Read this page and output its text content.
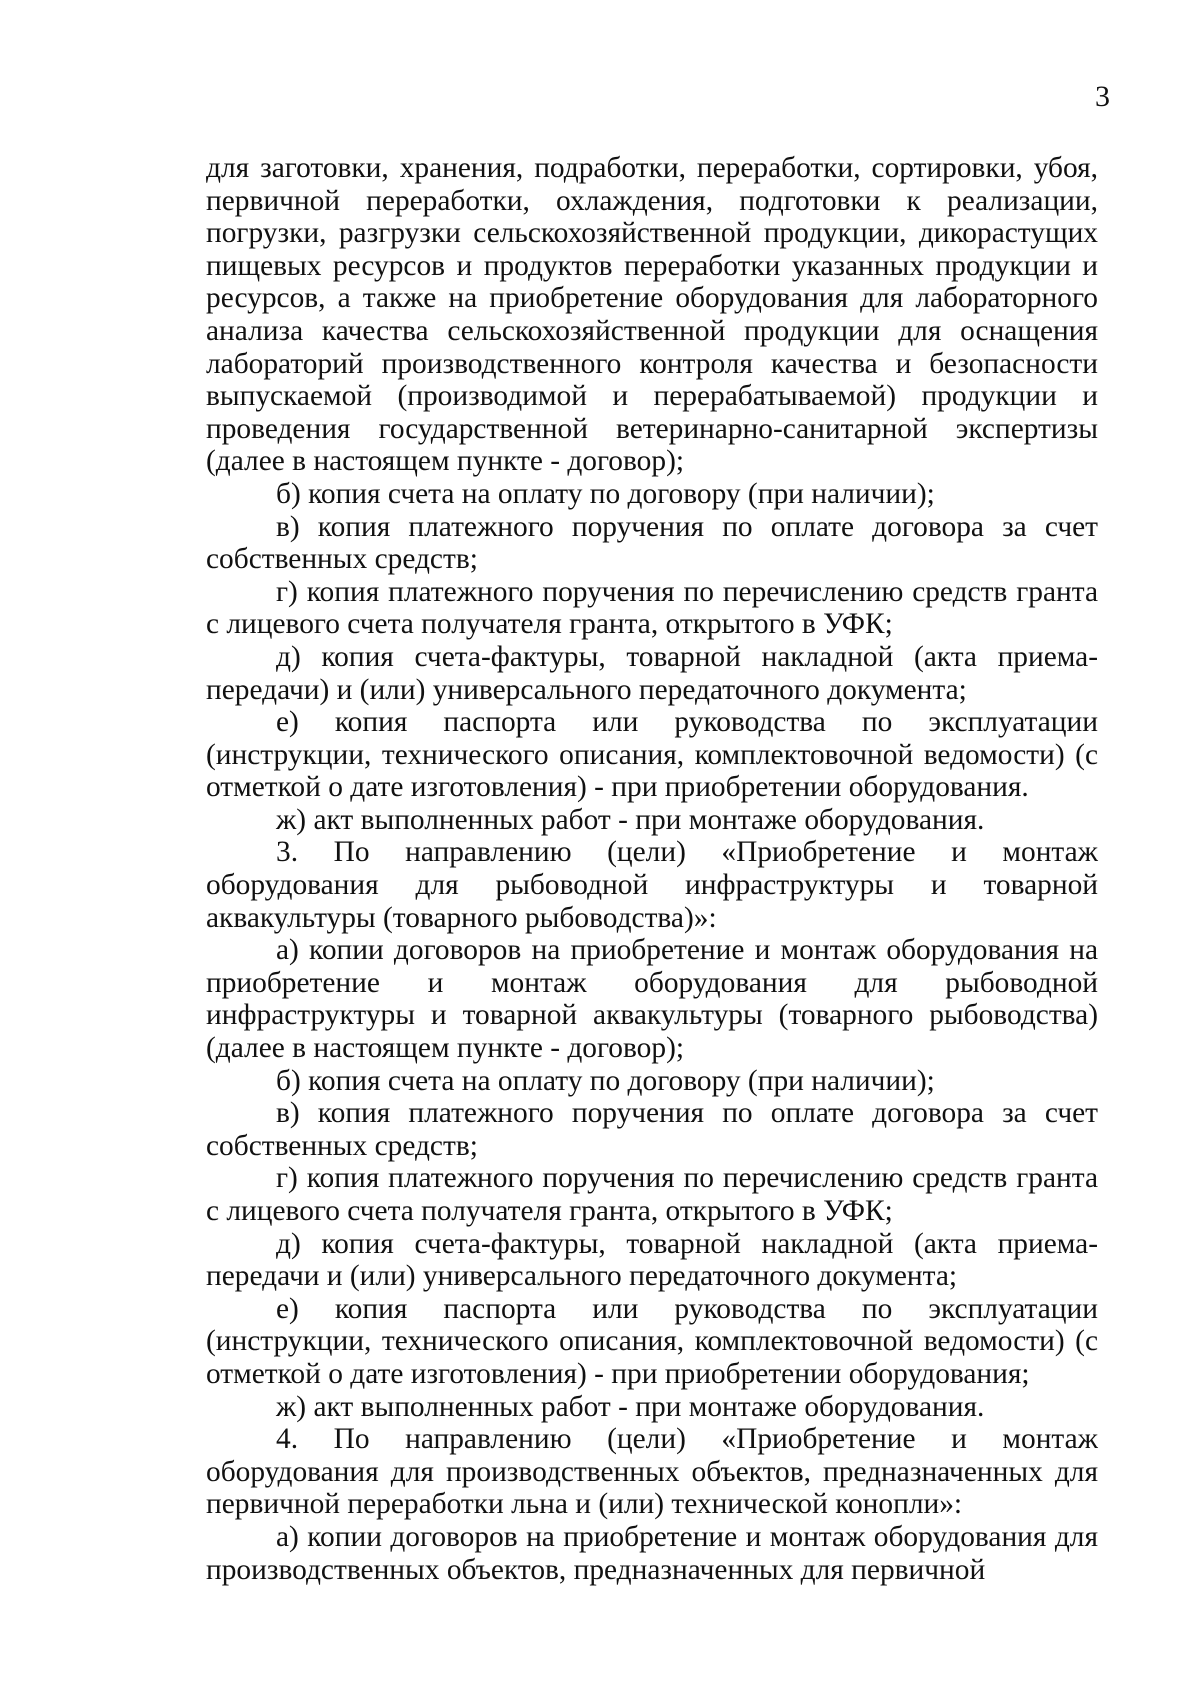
3

для заготовки, хранения, подработки, переработки, сортировки, убоя, первичной переработки, охлаждения, подготовки к реализации, погрузки, разгрузки сельскохозяйственной продукции, дикорастущих пищевых ресурсов и продуктов переработки указанных продукции и ресурсов, а также на приобретение оборудования для лабораторного анализа качества сельскохозяйственной продукции для оснащения лабораторий производственного контроля качества и безопасности выпускаемой (производимой и перерабатываемой) продукции и проведения государственной ветеринарно-санитарной экспертизы (далее в настоящем пункте - договор);

б) копия счета на оплату по договору (при наличии);

в) копия платежного поручения по оплате договора за счет собственных средств;

г) копия платежного поручения по перечислению средств гранта с лицевого счета получателя гранта, открытого в УФК;

д) копия счета-фактуры, товарной накладной (акта приема-передачи) и (или) универсального передаточного документа;

е) копия паспорта или руководства по эксплуатации (инструкции, технического описания, комплектовочной ведомости) (с отметкой о дате изготовления) - при приобретении оборудования.

ж) акт выполненных работ - при монтаже оборудования.

3. По направлению (цели) «Приобретение и монтаж оборудования для рыбоводной инфраструктуры и товарной аквакультуры (товарного рыбоводства)»:

а) копии договоров на приобретение и монтаж оборудования на приобретение и монтаж оборудования для рыбоводной инфраструктуры и товарной аквакультуры (товарного рыбоводства) (далее в настоящем пункте - договор);

б) копия счета на оплату по договору (при наличии);

в) копия платежного поручения по оплате договора за счет собственных средств;

г) копия платежного поручения по перечислению средств гранта с лицевого счета получателя гранта, открытого в УФК;

д) копия счета-фактуры, товарной накладной (акта приема-передачи и (или) универсального передаточного документа;

е) копия паспорта или руководства по эксплуатации (инструкции, технического описания, комплектовочной ведомости) (с отметкой о дате изготовления) - при приобретении оборудования;

ж) акт выполненных работ - при монтаже оборудования.

4. По направлению (цели) «Приобретение и монтаж оборудования для производственных объектов, предназначенных для первичной переработки льна и (или) технической конопли»:

а) копии договоров на приобретение и монтаж оборудования для производственных объектов, предназначенных для первичной
